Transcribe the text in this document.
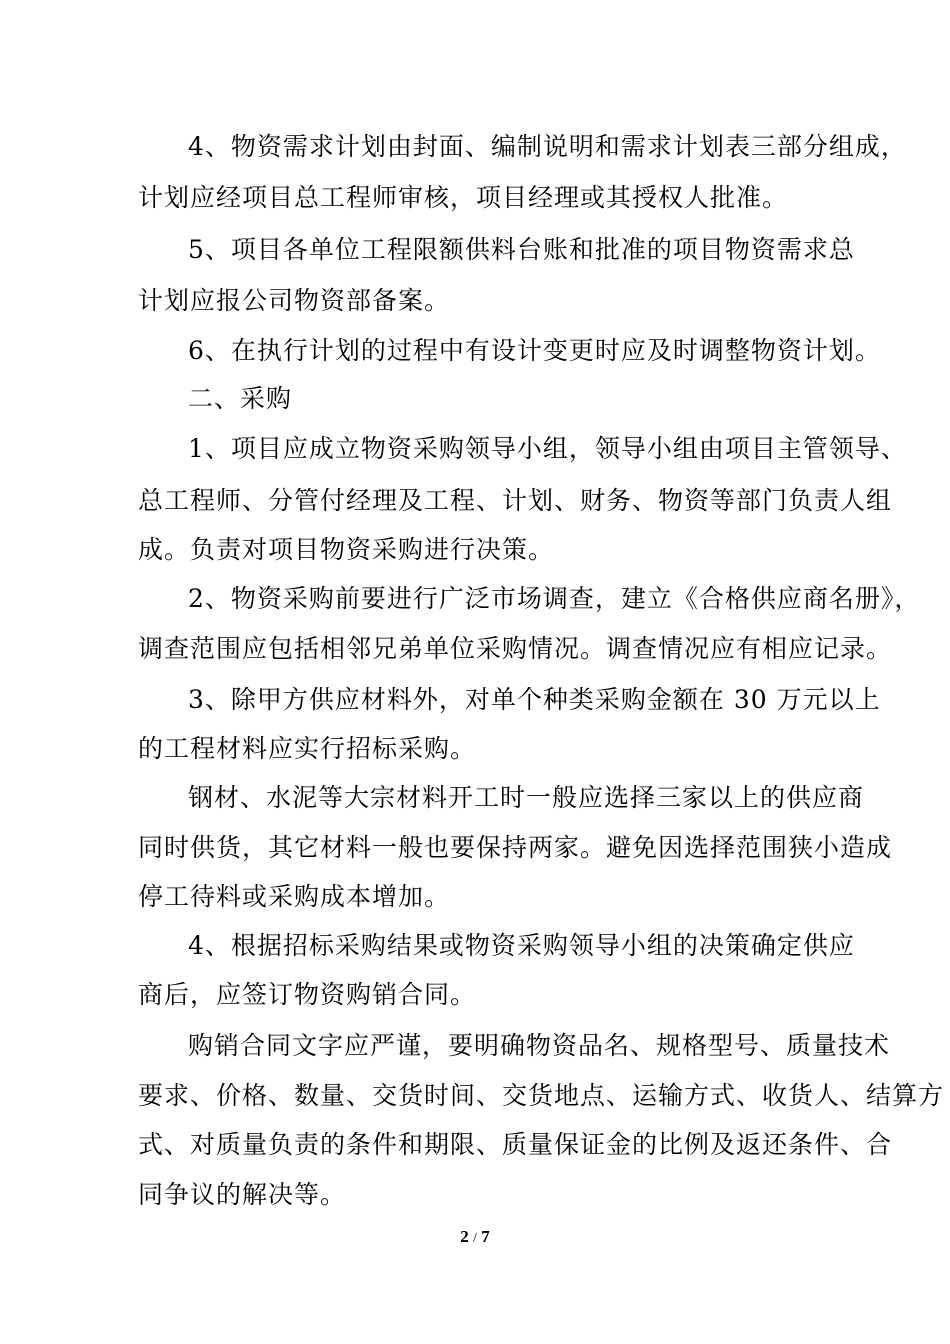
4、物资需求计划由封面、编制说明和需求计划表三部分组成，
计划应经项目总工程师审核，项目经理或其授权人批准。
5、项目各单位工程限额供料台账和批准的项目物资需求总
计划应报公司物资部备案。
6、在执行计划的过程中有设计变更时应及时调整物资计划。
二、采购
1、项目应成立物资采购领导小组，领导小组由项目主管领导、
总工程师、分管付经理及工程、计划、财务、物资等部门负责人组
成。负责对项目物资采购进行决策。
2、物资采购前要进行广泛市场调查，建立《合格供应商名册》，
调查范围应包括相邻兄弟单位采购情况。调查情况应有相应记录。
3、除甲方供应材料外，对单个种类采购金额在 30 万元以上
的工程材料应实行招标采购。
钢材、水泥等大宗材料开工时一般应选择三家以上的供应商
同时供货，其它材料一般也要保持两家。避免因选择范围狭小造成
停工待料或采购成本增加。
4、根据招标采购结果或物资采购领导小组的决策确定供应
商后，应签订物资购销合同。
购销合同文字应严谨，要明确物资品名、规格型号、质量技术
要求、价格、数量、交货时间、交货地点、运输方式、收货人、结算方
式、对质量负责的条件和期限、质量保证金的比例及返还条件、合
同争议的解决等。
2 / 7
